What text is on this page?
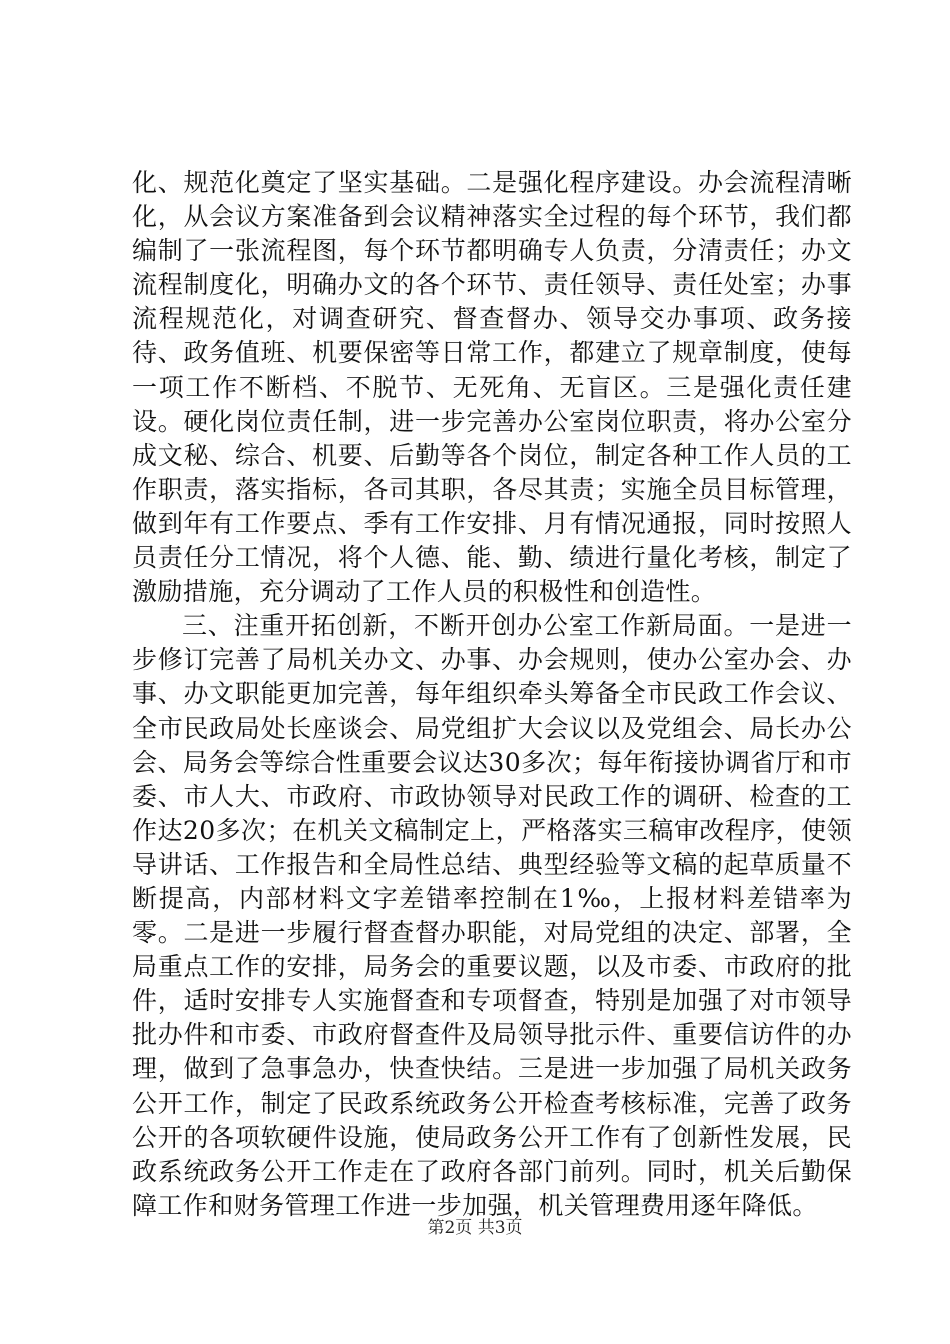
化、规范化奠定了坚实基础。二是强化程序建设。办会流程清晰化，从会议方案准备到会议精神落实全过程的每个环节，我们都编制了一张流程图，每个环节都明确专人负责，分清责任；办文流程制度化，明确办文的各个环节、责任领导、责任处室；办事流程规范化，对调查研究、督查督办、领导交办事项、政务接待、政务值班、机要保密等日常工作，都建立了规章制度，使每一项工作不断档、不脱节、无死角、无盲区。三是强化责任建设。硬化岗位责任制，进一步完善办公室岗位职责，将办公室分成文秘、综合、机要、后勤等各个岗位，制定各种工作人员的工作职责，落实指标，各司其职，各尽其责；实施全员目标管理，做到年有工作要点、季有工作安排、月有情况通报，同时按照人员责任分工情况，将个人德、能、勤、绩进行量化考核，制定了激励措施，充分调动了工作人员的积极性和创造性。

三、注重开拓创新，不断开创办公室工作新局面。一是进一步修订完善了局机关办文、办事、办会规则，使办公室办会、办事、办文职能更加完善，每年组织牵头筹备全市民政工作会议、全市民政局处长座谈会、局党组扩大会议以及党组会、局长办公会、局务会等综合性重要会议达30多次；每年衔接协调省厅和市委、市人大、市政府、市政协领导对民政工作的调研、检查的工作达20多次；在机关文稿制定上，严格落实三稿审改程序，使领导讲话、工作报告和全局性总结、典型经验等文稿的起草质量不断提高，内部材料文字差错率控制在1‰，上报材料差错率为零。二是进一步履行督查督办职能，对局党组的决定、部署，全局重点工作的安排，局务会的重要议题，以及市委、市政府的批件，适时安排专人实施督查和专项督查，特别是加强了对市领导批办件和市委、市政府督查件及局领导批示件、重要信访件的办理，做到了急事急办，快查快结。三是进一步加强了局机关政务公开工作，制定了民政系统政务公开检查考核标准，完善了政务公开的各项软硬件设施，使局政务公开工作有了创新性发展，民政系统政务公开工作走在了政府各部门前列。同时，机关后勤保障工作和财务管理工作进一步加强，机关管理费用逐年降低。

第2页 共3页
